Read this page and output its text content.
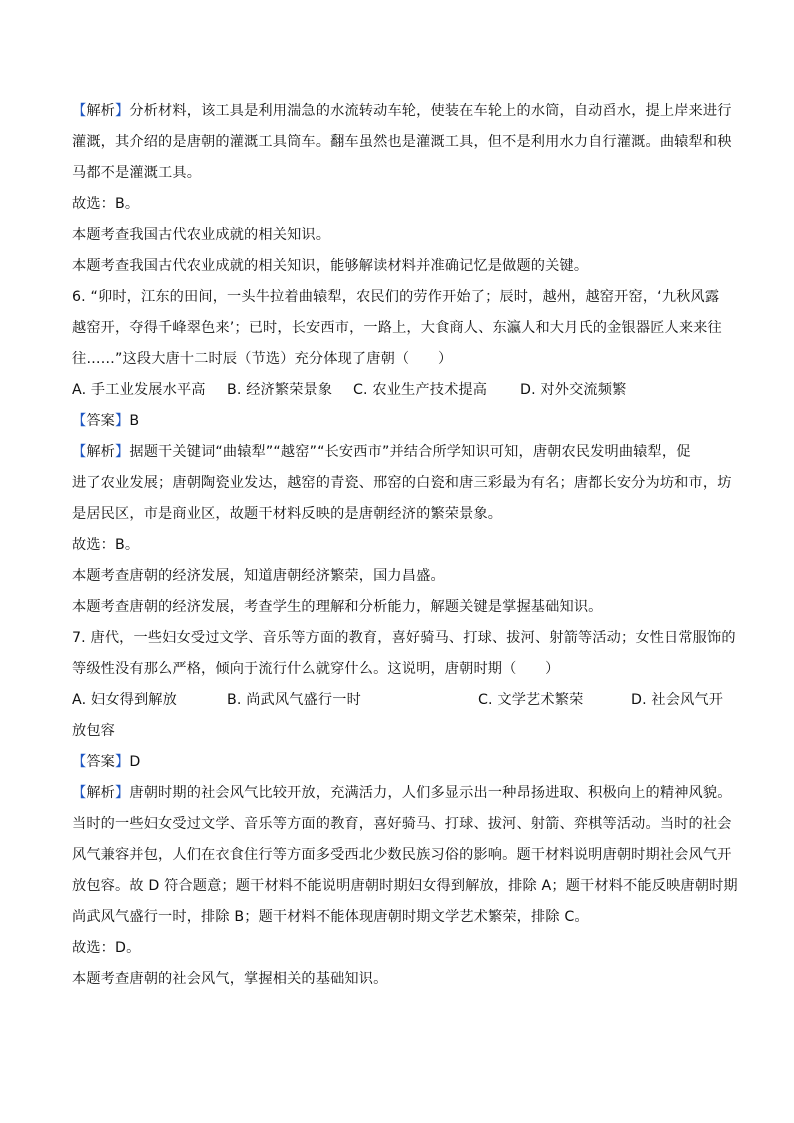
【解析】分析材料，该工具是利用湍急的水流转动车轮，使装在车轮上的水筒，自动舀水，提上岸来进行
灌溉，其介绍的是唐朝的灌溉工具筒车。翻车虽然也是灌溉工具，但不是利用水力自行灌溉。曲辕犁和秧
马都不是灌溉工具。
故选：B。
本题考查我国古代农业成就的相关知识。
本题考查我国古代农业成就的相关知识，能够解读材料并准确记忆是做题的关键。
6. “卯时，江东的田间，一头牛拉着曲辕犁，农民们的劳作开始了；辰时，越州，越窑开窑，‘九秋风露
越窑开，夺得千峰翠色来’；已时，长安西市，一路上，大食商人、东瀛人和大月氏的金银器匠人来来往
往……”这段大唐十二时辰（节选）充分体现了唐朝（　　）
A. 手工业发展水平高 B. 经济繁荣景象 C. 农业生产技术提高 D. 对外交流频繁
【答案】B
【解析】据题干关键词“曲辕犁”“越窑”“长安西市”并结合所学知识可知，唐朝农民发明曲辕犁，促
进了农业发展；唐朝陶瓷业发达，越窑的青瓷、邢窑的白瓷和唐三彩最为有名；唐都长安分为坊和市，坊
是居民区，市是商业区，故题干材料反映的是唐朝经济的繁荣景象。
故选：B。
本题考查唐朝的经济发展，知道唐朝经济繁荣，国力昌盛。
本题考查唐朝的经济发展，考查学生的理解和分析能力，解题关键是掌握基础知识。
7. 唐代，一些妇女受过文学、音乐等方面的教育，喜好骑马、打球、拔河、射箭等活动；女性日常服饰的
等级性没有那么严格，倾向于流行什么就穿什么。这说明，唐朝时期（　　）
A. 妇女得到解放	B. 尚武风气盛行一时	C. 文学艺术繁荣	D. 社会风气开
放包容
【答案】D
【解析】唐朝时期的社会风气比较开放，充满活力，人们多显示出一种昂扬进取、积极向上的精神风貌。
当时的一些妇女受过文学、音乐等方面的教育，喜好骑马、打球、拔河、射箭、弈棋等活动。当时的社会
风气兼容并包，人们在衣食住行等方面多受西北少数民族习俗的影响。题干材料说明唐朝时期社会风气开
放包容。故 D 符合题意；题干材料不能说明唐朝时期妇女得到解放，排除 A；题干材料不能反映唐朝时期
尚武风气盛行一时，排除 B；题干材料不能体现唐朝时期文学艺术繁荣，排除 C。
故选：D。
本题考查唐朝的社会风气，掌握相关的基础知识。
